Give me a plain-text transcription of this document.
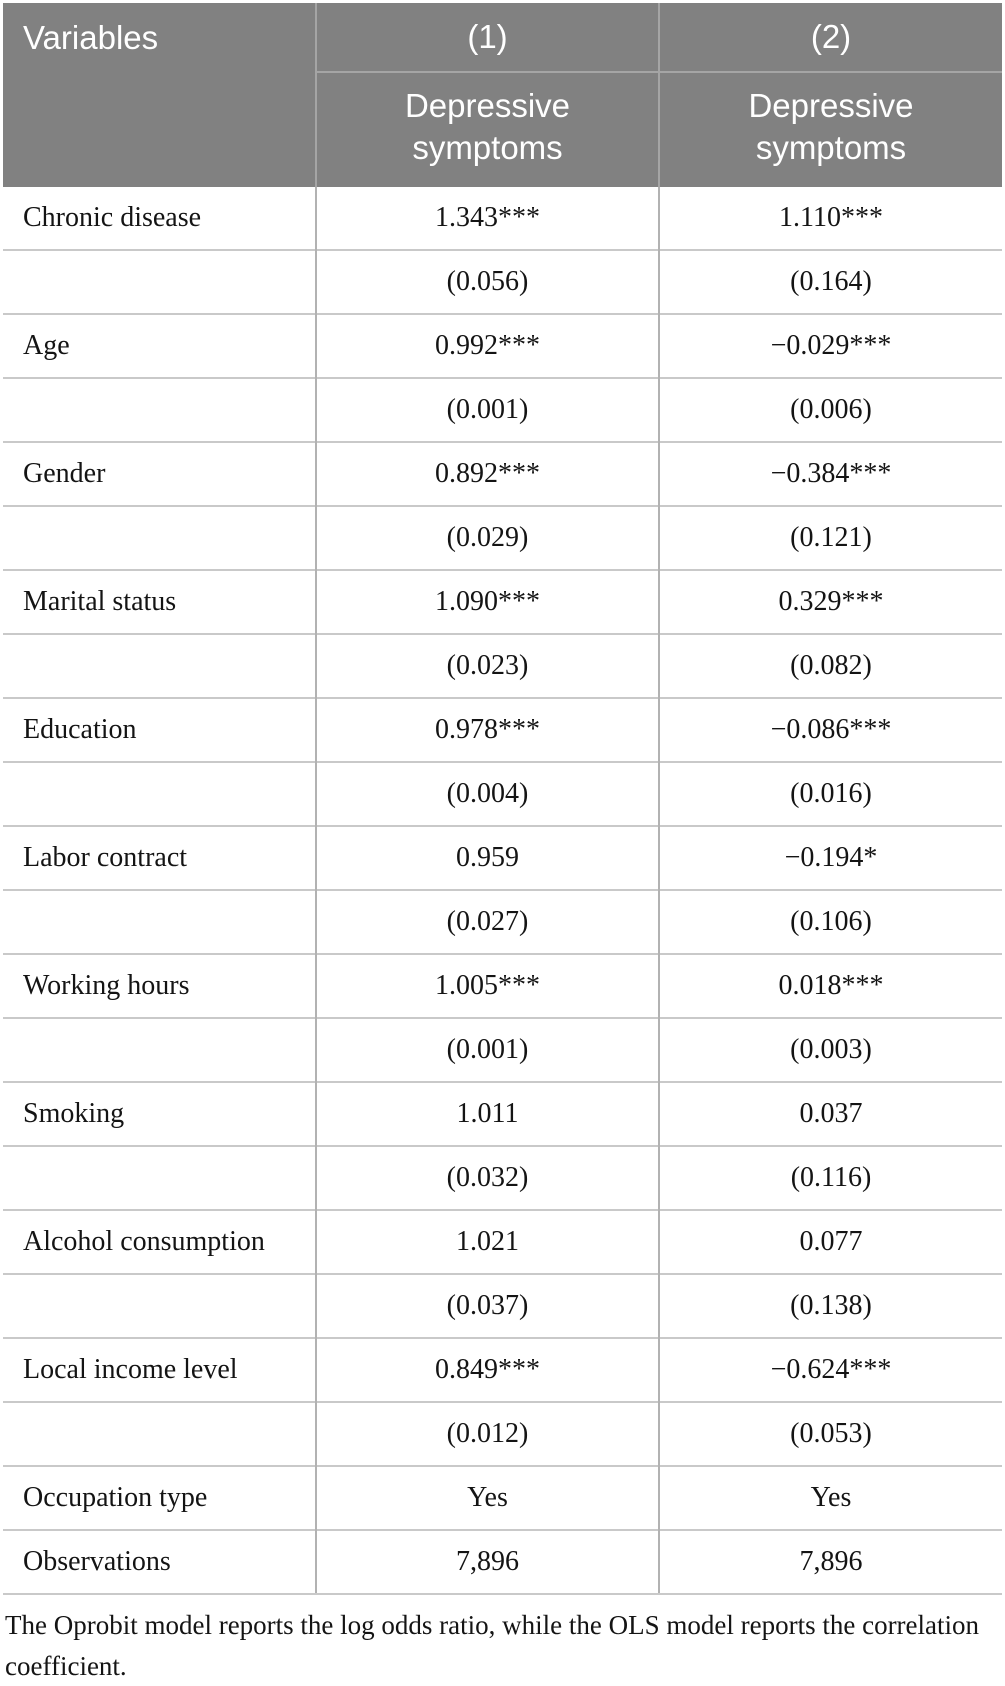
Variables	(1)	(2)
	Depressive symptoms	Depressive symptoms
Chronic disease	1.343***	1.110***
	(0.056)	(0.164)
Age	0.992***	−0.029***
	(0.001)	(0.006)
Gender	0.892***	−0.384***
	(0.029)	(0.121)
Marital status	1.090***	0.329***
	(0.023)	(0.082)
Education	0.978***	−0.086***
	(0.004)	(0.016)
Labor contract	0.959	−0.194*
	(0.027)	(0.106)
Working hours	1.005***	0.018***
	(0.001)	(0.003)
Smoking	1.011	0.037
	(0.032)	(0.116)
Alcohol consumption	1.021	0.077
	(0.037)	(0.138)
Local income level	0.849***	−0.624***
	(0.012)	(0.053)
Occupation type	Yes	Yes
Observations	7,896	7,896

The Oprobit model reports the log odds ratio, while the OLS model reports the correlation coefficient.
